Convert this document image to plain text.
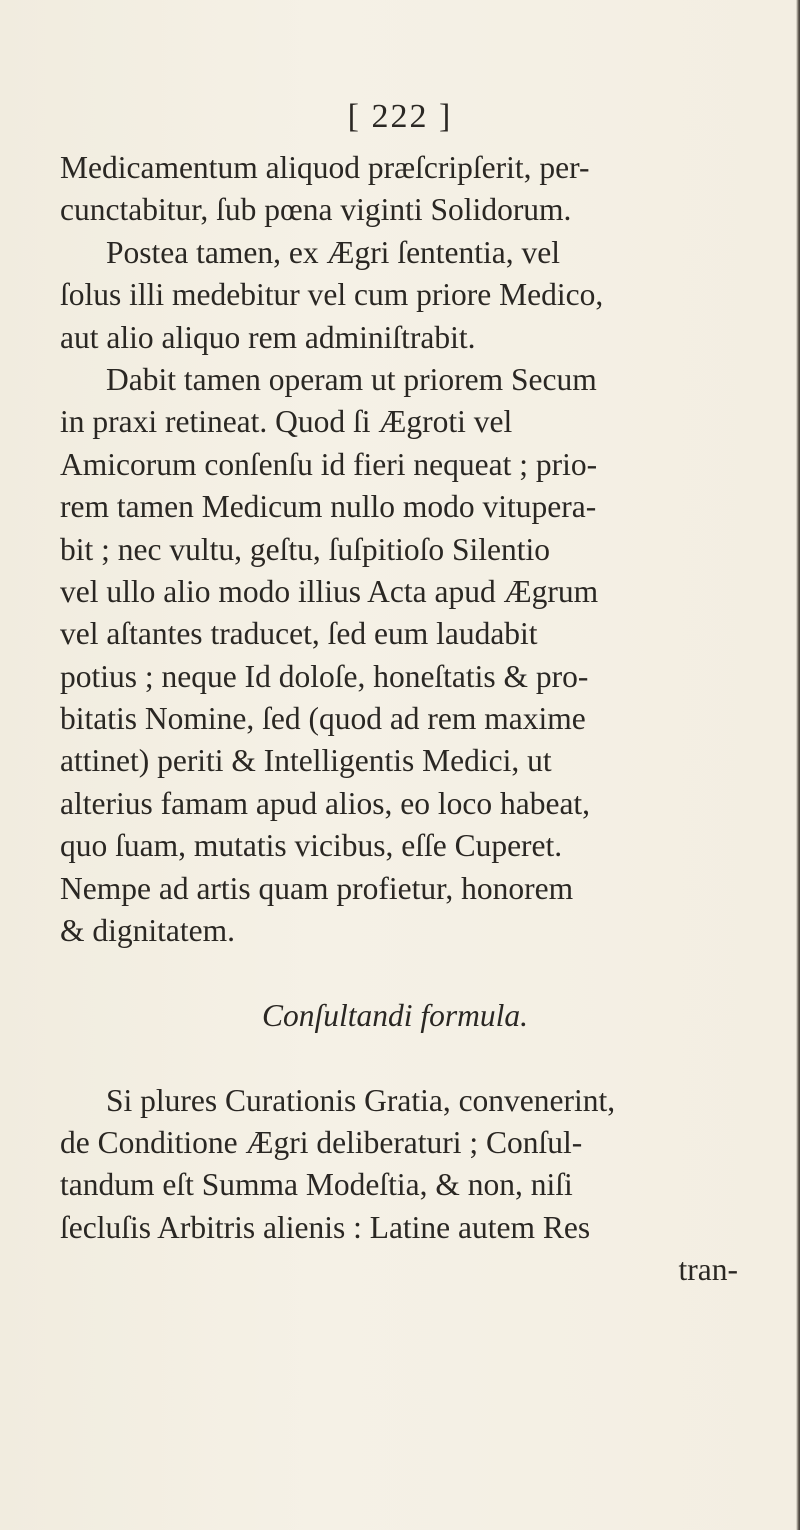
[ 222 ]
Medicamentum aliquod præſcripſerit, per-
cunctabitur, ſub pœna viginti Solidorum.
Postea tamen, ex Ægri ſententia, vel
ſolus illi medebitur vel cum priore Medico,
aut alio aliquo rem adminiſtrabit.
Dabit tamen operam ut priorem Secum
in praxi retineat. Quod ſi Ægroti vel
Amicorum conſenſu id fieri nequeat ; prio-
rem tamen Medicum nullo modo vitupera-
bit ; nec vultu, geſtu, ſuſpitioſo Silentio
vel ullo alio modo illius Acta apud Ægrum
vel aſtantes traducet, ſed eum laudabit
potius ; neque Id doloſe, honeſtatis & pro-
bitatis Nomine, ſed (quod ad rem maxime
attinet) periti & Intelligentis Medici, ut
alterius famam apud alios, eo loco habeat,
quo ſuam, mutatis vicibus, eſſe Cuperet.
Nempe ad artis quam profietur, honorem
& dignitatem.
Conſultandi formula.
Si plures Curationis Gratia, convenerint,
de Conditione Ægri deliberaturi ; Conſul-
tandum eſt Summa Modeſtia, & non, niſi
ſecluſis Arbitris alienis : Latine autem Res
tran-
